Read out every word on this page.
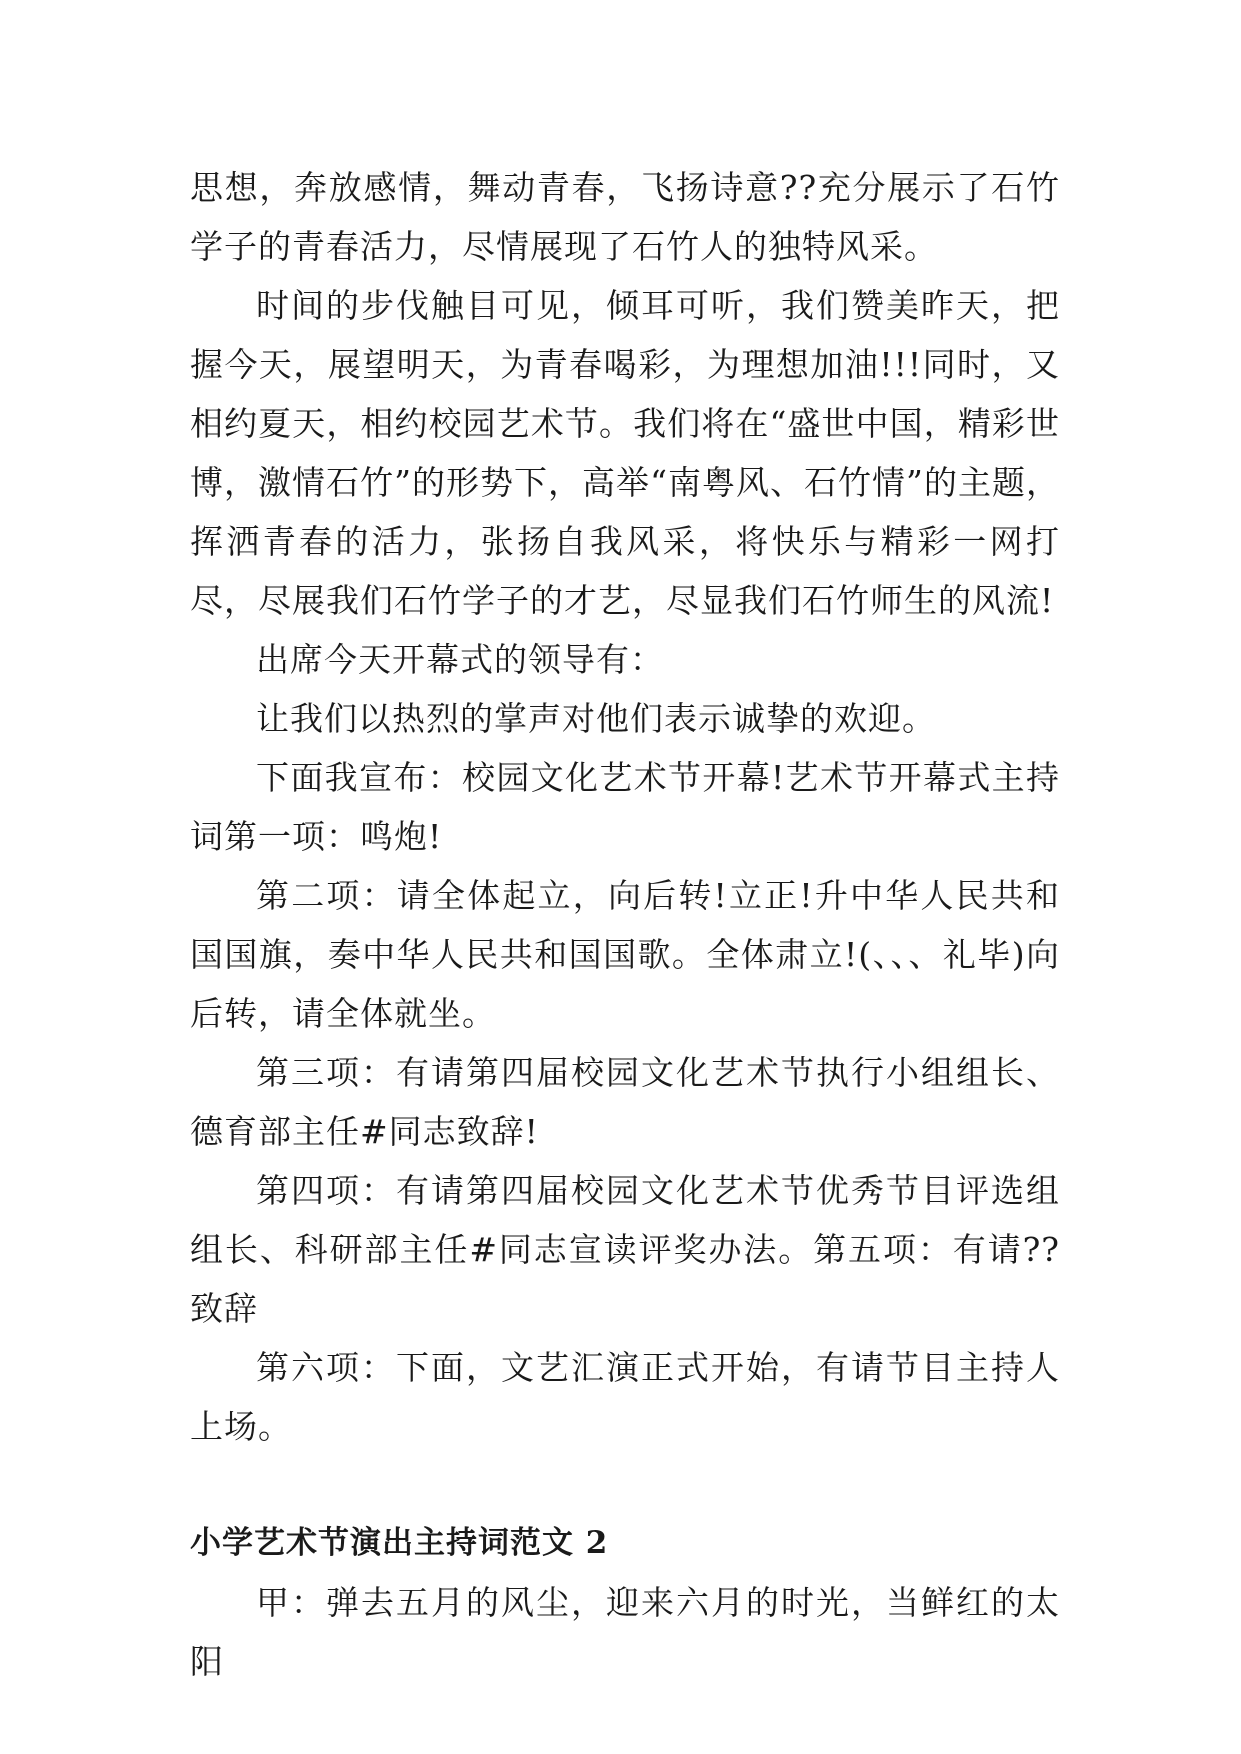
思想，奔放感情，舞动青春，飞扬诗意??充分展示了石竹学子的青春活力，尽情展现了石竹人的独特风采。

时间的步伐触目可见，倾耳可听，我们赞美昨天，把握今天，展望明天，为青春喝彩，为理想加油!!!同时，又相约夏天，相约校园艺术节。我们将在“盛世中国，精彩世博，激情石竹”的形势下，高举“南粤风、石竹情”的主题，挥洒青春的活力，张扬自我风采，将快乐与精彩一网打尽，尽展我们石竹学子的才艺，尽显我们石竹师生的风流!

出席今天开幕式的领导有：

让我们以热烈的掌声对他们表示诚挚的欢迎。

下面我宣布：校园文化艺术节开幕!艺术节开幕式主持词第一项：鸣炮!

第二项：请全体起立，向后转!立正!升中华人民共和国国旗，奏中华人民共和国国歌。全体肃立!(、、、礼毕)向后转，请全体就坐。

第三项：有请第四届校园文化艺术节执行小组组长、德育部主任#同志致辞!

第四项：有请第四届校园文化艺术节优秀节目评选组组长、科研部主任#同志宣读评奖办法。第五项：有请??致辞

第六项：下面，文艺汇演正式开始，有请节目主持人上场。

小学艺术节演出主持词范文 2

甲：弹去五月的风尘，迎来六月的时光，当鲜红的太阳
